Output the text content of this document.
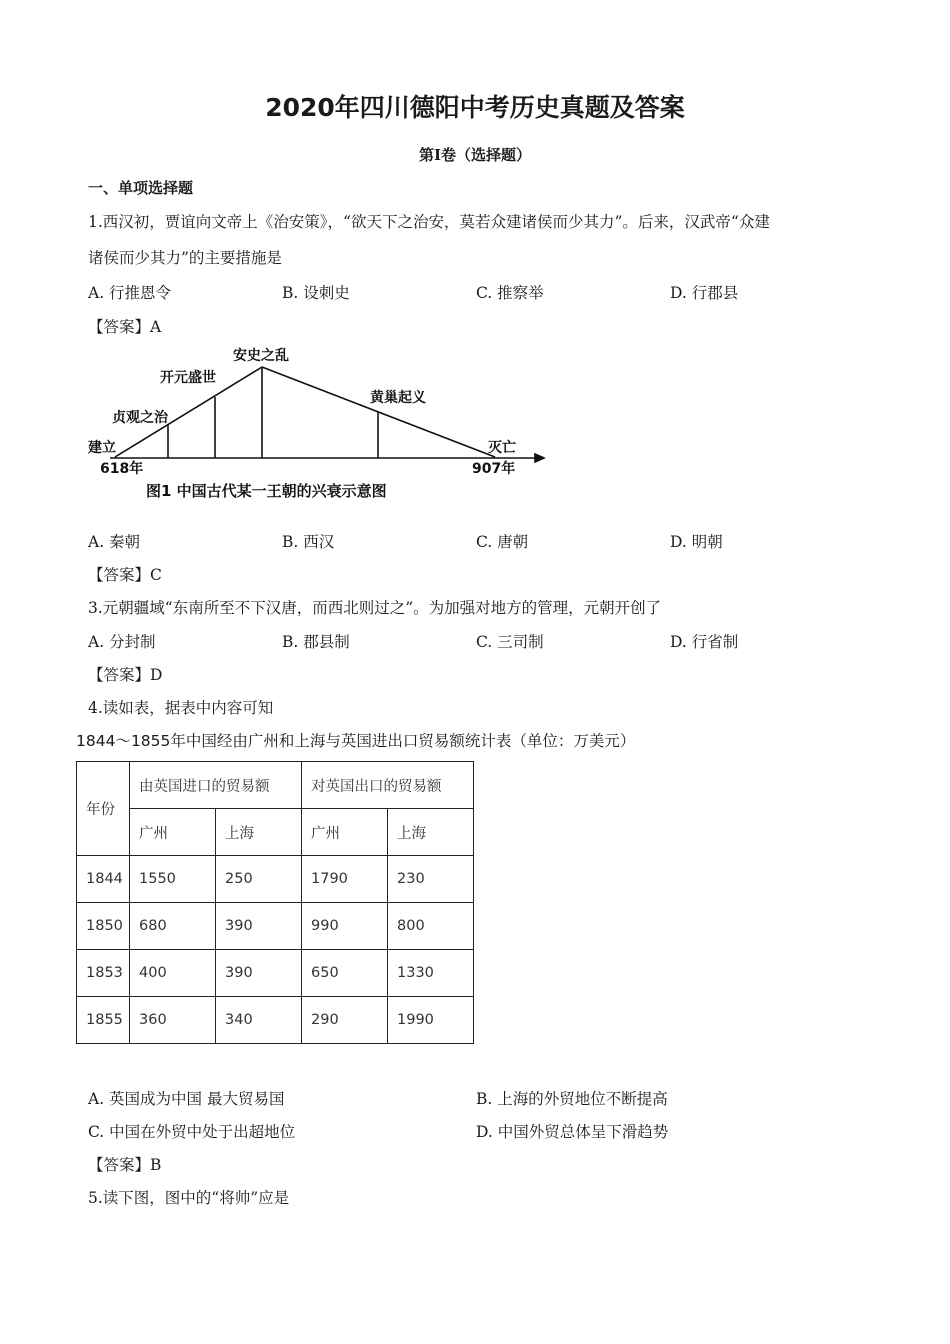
2020年四川德阳中考历史真题及答案
第I卷（选择题）
一、单项选择题
1.西汉初，贾谊向文帝上《治安策》，“欲天下之治安，莫若众建诸侯而少其力”。后来，汉武帝“众建
诸侯而少其力”的主要措施是
A. 行推恩令	B. 设刺史	C. 推察举	D. 行郡县
【答案】A
安史之乱
开元盛世
贞观之治
建立
黄巢起义
灭亡
618年	907年
图1 中国古代某一王朝的兴衰示意图
A. 秦朝	B. 西汉	C. 唐朝	D. 明朝
【答案】C
3.元朝疆域“东南所至不下汉唐，而西北则过之”。为加强对地方的管理，元朝开创了
A. 分封制	B. 郡县制	C. 三司制	D. 行省制
【答案】D
4.读如表，据表中内容可知
1844～1855年中国经由广州和上海与英国进出口贸易额统计表（单位：万美元）
年份	由英国进口的贸易额		对英国出口的贸易额	
	广州	上海	广州	上海
1844	1550	250	1790	230
1850	680	390	990	800
1853	400	390	650	1330
1855	360	340	290	1990
A. 英国成为中国 最大贸易国	B. 上海的外贸地位不断提高
C. 中国在外贸中处于出超地位	D. 中国外贸总体呈下滑趋势
【答案】B
5.读下图，图中的“将帅”应是
